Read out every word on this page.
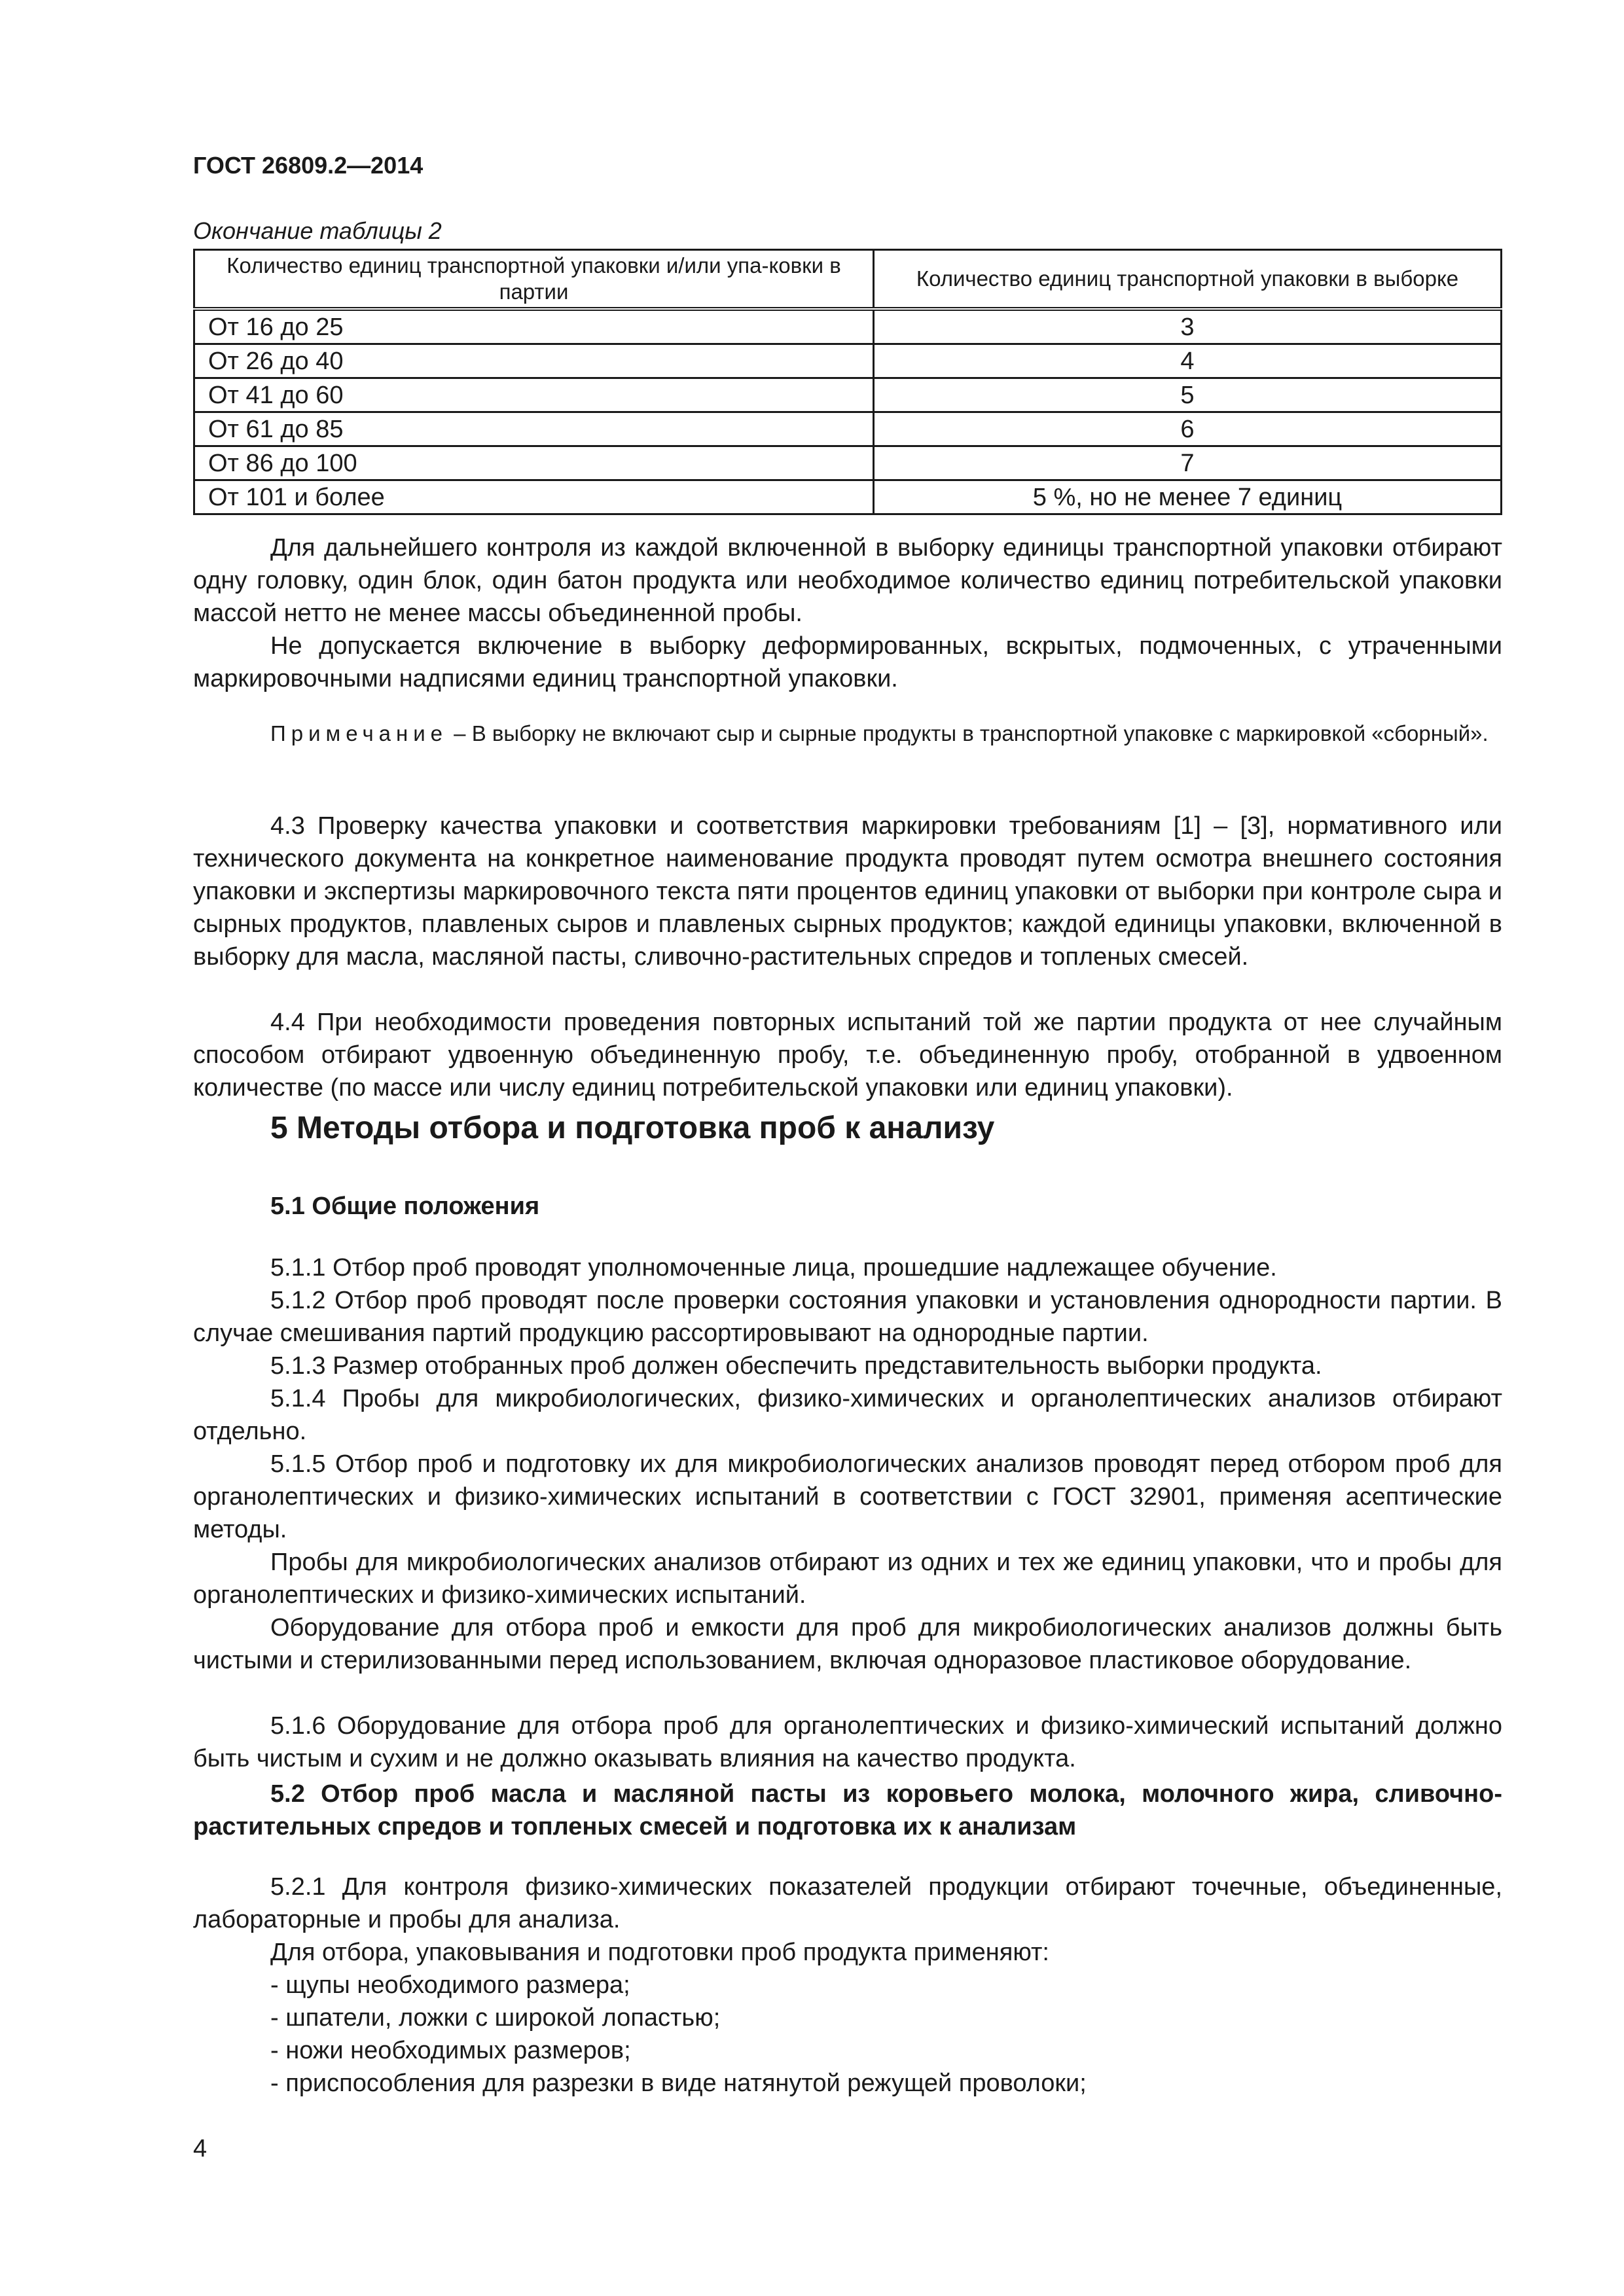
ГОСТ 26809.2—2014
Окончание таблицы 2
Количество единиц транспортной упаковки и/или упа-ковки в партии	Количество единиц транспортной упаковки в выборке
От 16 до 25	3
От 26 до 40	4
От 41 до 60	5
От 61 до 85	6
От 86 до 100	7
От 101 и более	5 %, но не менее 7 единиц

Для дальнейшего контроля из каждой включенной в выборку единицы транспортной упаковки отбирают одну головку, один блок, один батон продукта или необходимое количество единиц потребительской упаковки массой нетто не менее массы объединенной пробы.

Не допускается включение в выборку деформированных, вскрытых, подмоченных, с утраченными маркировочными надписями единиц транспортной упаковки.

Примечание – В выборку не включают сыр и сырные продукты в транспортной упаковке с маркировкой «сборный».

4.3 Проверку качества упаковки и соответствия маркировки требованиям [1] – [3], нормативного или технического документа на конкретное наименование продукта проводят путем осмотра внешнего состояния упаковки и экспертизы маркировочного текста пяти процентов единиц упаковки от выборки при контроле сыра и сырных продуктов, плавленых сыров и плавленых сырных продуктов; каждой единицы упаковки, включенной в выборку для масла, масляной пасты, сливочно-растительных спредов и топленых смесей.

4.4 При необходимости проведения повторных испытаний той же партии продукта от нее случайным способом отбирают удвоенную объединенную пробу, т.е. объединенную пробу, отобранной в удвоенном количестве (по массе или числу единиц потребительской упаковки или единиц упаковки).

5 Методы отбора и подготовка проб к анализу
5.1 Общие положения

5.1.1 Отбор проб проводят уполномоченные лица, прошедшие надлежащее обучение.

5.1.2 Отбор проб проводят после проверки состояния упаковки и установления однородности партии. В случае смешивания партий продукцию рассортировывают на однородные партии.

5.1.3 Размер отобранных проб должен обеспечить представительность выборки продукта.

5.1.4 Пробы для микробиологических, физико-химических и органолептических анализов отбирают отдельно.

5.1.5 Отбор проб и подготовку их для микробиологических анализов проводят перед отбором проб для органолептических и физико-химических испытаний в соответствии с ГОСТ 32901, применяя асептические методы.

Пробы для микробиологических анализов отбирают из одних и тех же единиц упаковки, что и пробы для органолептических и физико-химических испытаний.

Оборудование для отбора проб и емкости для проб для микробиологических анализов должны быть чистыми и стерилизованными перед использованием, включая одноразовое пластиковое оборудование.

5.1.6 Оборудование для отбора проб для органолептических и физико-химический испытаний должно быть чистым и сухим и не должно оказывать влияния на качество продукта.

5.2 Отбор проб масла и масляной пасты из коровьего молока, молочного жира, сливочно-растительных спредов и топленых смесей и подготовка их к анализам

5.2.1 Для контроля физико-химических показателей продукции отбирают точечные, объединенные, лабораторные и пробы для анализа.

Для отбора, упаковывания и подготовки проб продукта применяют:

- щупы необходимого размера;
- шпатели, ложки с широкой лопастью;
- ножи необходимых размеров;
- приспособления для разрезки в виде натянутой режущей проволоки;
4
